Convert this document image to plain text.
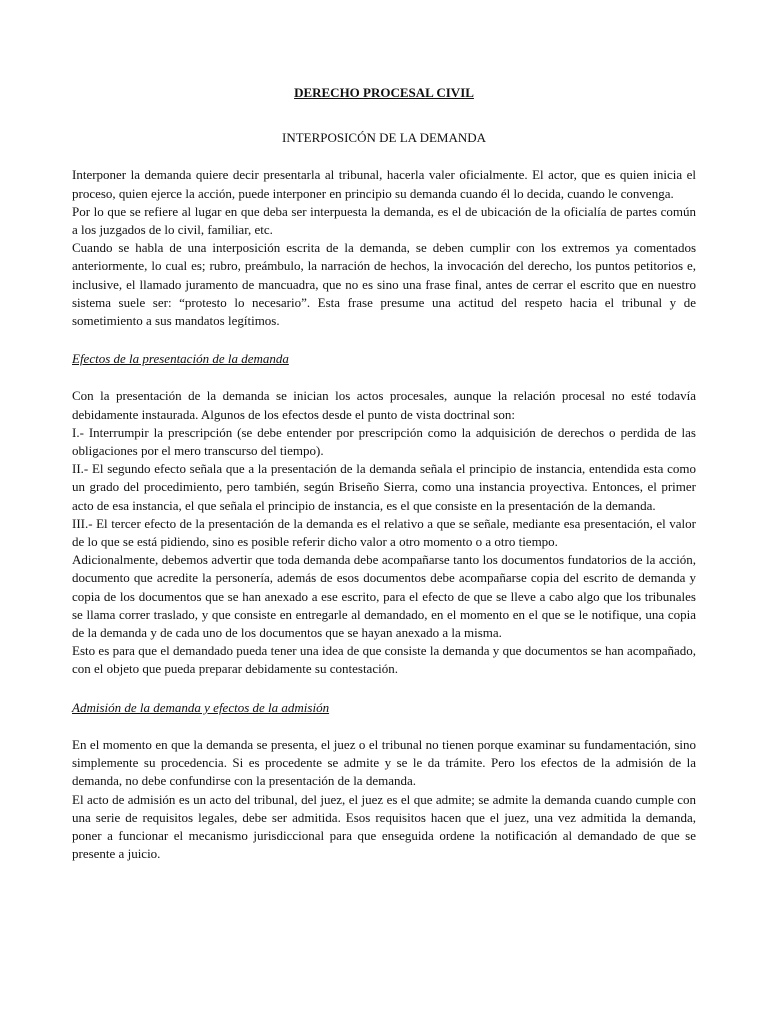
DERECHO PROCESAL CIVIL

INTERPOSICÓN DE LA DEMANDA

Interponer la demanda quiere decir presentarla al tribunal, hacerla valer oficialmente. El actor, que es quien inicia el proceso, quien ejerce la acción, puede interponer en principio su demanda cuando él lo decida, cuando le convenga.

Por lo que se refiere al lugar en que deba ser interpuesta la demanda, es el de ubicación de la oficialía de partes común a los juzgados de lo civil, familiar, etc.

Cuando se habla de una interposición escrita de la demanda, se deben cumplir con los extremos ya comentados anteriormente, lo cual es; rubro, preámbulo, la narración de hechos, la invocación del derecho, los puntos petitorios e, inclusive, el llamado juramento de mancuadra, que no es sino una frase final, antes de cerrar el escrito que en nuestro sistema suele ser: “protesto lo necesario”. Esta frase presume una actitud del respeto hacia el tribunal y de sometimiento a sus mandatos legítimos.

Efectos de la presentación de la demanda

Con la presentación de la demanda se inician los actos procesales, aunque la relación procesal no esté todavía debidamente instaurada. Algunos de los efectos desde el punto de vista doctrinal son:

I.- Interrumpir la prescripción (se debe entender por prescripción como la adquisición de derechos o perdida de las obligaciones por el mero transcurso del tiempo).

II.- El segundo efecto señala que a la presentación de la demanda señala el principio de instancia, entendida esta como un grado del procedimiento, pero también, según Briseño Sierra, como una instancia proyectiva. Entonces, el primer acto de esa instancia, el que señala el principio de instancia, es el que consiste en la presentación de la demanda.

III.- El tercer efecto de la presentación de la demanda es el relativo a que se señale, mediante esa presentación, el valor de lo que se está pidiendo, sino es posible referir dicho valor a otro momento o a otro tiempo.

Adicionalmente, debemos advertir que toda demanda debe acompañarse tanto los documentos fundatorios de la acción, documento que acredite la personería, además de esos documentos debe acompañarse copia del escrito de demanda y copia de los documentos que se han anexado a ese escrito, para el efecto de que se lleve a cabo algo que los tribunales se llama correr traslado, y que consiste en entregarle al demandado, en el momento en el que se le notifique, una copia de la demanda y de cada uno de los documentos que se hayan anexado a la misma.

Esto es para que el demandado pueda tener una idea de que consiste la demanda y que documentos se han acompañado, con el objeto que pueda preparar debidamente su contestación.

Admisión de la demanda y efectos de la admisión

En el momento en que la demanda se presenta, el juez o el tribunal no tienen porque examinar su fundamentación, sino simplemente su procedencia. Si es procedente se admite y se le da trámite. Pero los efectos de la admisión de la demanda, no debe confundirse con la presentación de la demanda.

El acto de admisión es un acto del tribunal, del juez, el juez es el que admite; se admite la demanda cuando cumple con una serie de requisitos legales, debe ser admitida. Esos requisitos hacen que el juez, una vez admitida la demanda, poner a funcionar el mecanismo jurisdiccional para que enseguida ordene la notificación al demandado de que se presente a juicio.
